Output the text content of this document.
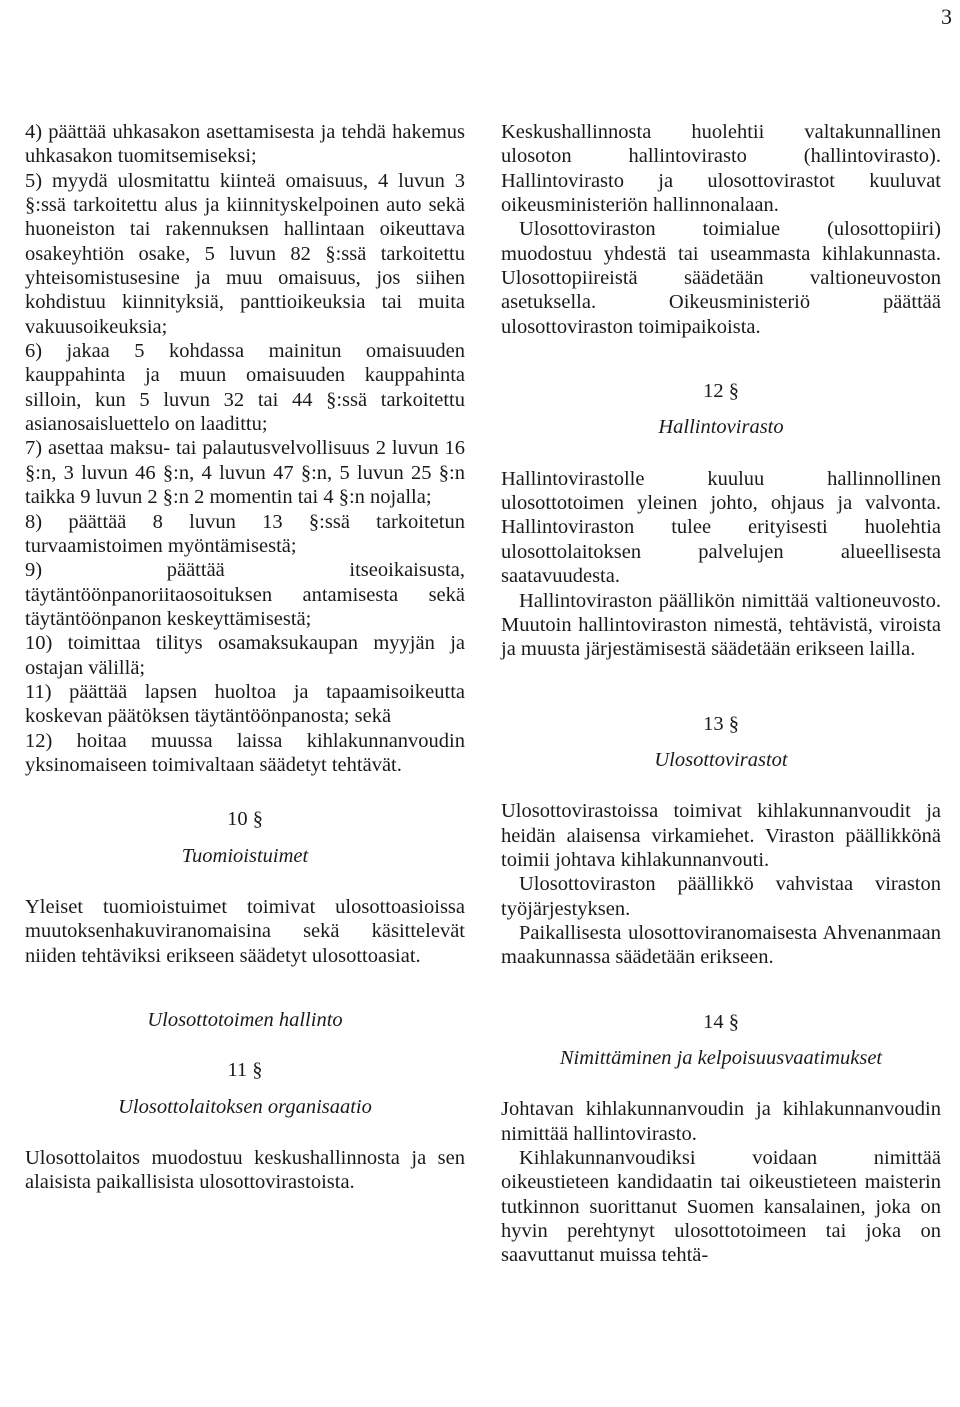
3

4) päättää uhkasakon asettamisesta ja tehdä hakemus uhkasakon tuomitsemiseksi;

5) myydä ulosmitattu kiinteä omaisuus, 4 luvun 3 §:ssä tarkoitettu alus ja kiinnityskelpoinen auto sekä huoneiston tai rakennuksen hallintaan oikeuttava osakeyhtiön osake, 5 luvun 82 §:ssä tarkoitettu yhteisomistusesine ja muu omaisuus, jos siihen kohdistuu kiinnityksiä, panttioikeuksia tai muita vakuusoikeuksia;

6) jakaa 5 kohdassa mainitun omaisuuden kauppahinta ja muun omaisuuden kauppahinta silloin, kun 5 luvun 32 tai 44 §:ssä tarkoitettu asianosaisluettelo on laadittu;

7) asettaa maksu- tai palautusvelvollisuus 2 luvun 16 §:n, 3 luvun 46 §:n, 4 luvun 47 §:n, 5 luvun 25 §:n taikka 9 luvun 2 §:n 2 momentin tai 4 §:n nojalla;

8) päättää 8 luvun 13 §:ssä tarkoitetun turvaamistoimen myöntämisestä;

9) päättää itseoikaisusta, täytäntöönpanoriitaosoituksen antamisesta sekä täytäntöönpanon keskeyttämisestä;

10) toimittaa tilitys osamaksukaupan myyjän ja ostajan välillä;

11) päättää lapsen huoltoa ja tapaamisoikeutta koskevan päätöksen täytäntöönpanosta; sekä

12) hoitaa muussa laissa kihlakunnanvoudin yksinomaiseen toimivaltaan säädetyt tehtävät.

10 §
Tuomioistuimet

Yleiset tuomioistuimet toimivat ulosottoasioissa muutoksenhakuviranomaisina sekä käsittelevät niiden tehtäviksi erikseen säädetyt ulosottoasiat.

Ulosottotoimen hallinto
11 §
Ulosottolaitoksen organisaatio

Ulosottolaitos muodostuu keskushallinnosta ja sen alaisista paikallisista ulosottovirastoista.

Keskushallinnosta huolehtii valtakunnallinen ulosoton hallintovirasto (hallintovirasto). Hallintovirasto ja ulosottovirastot kuuluvat oikeusministeriön hallinnonalaan.

Ulosottoviraston toimialue (ulosottopiiri) muodostuu yhdestä tai useammasta kihlakunnasta. Ulosottopiireistä säädetään valtioneuvoston asetuksella. Oikeusministeriö päättää ulosottoviraston toimipaikoista.

12 §
Hallintovirasto

Hallintovirastolle kuuluu hallinnollinen ulosottotoimen yleinen johto, ohjaus ja valvonta. Hallintoviraston tulee erityisesti huolehtia ulosottolaitoksen palvelujen alueellisesta saatavuudesta.

Hallintoviraston päällikön nimittää valtioneuvosto. Muutoin hallintoviraston nimestä, tehtävistä, viroista ja muusta järjestämisestä säädetään erikseen lailla.

13 §
Ulosottovirastot

Ulosottovirastoissa toimivat kihlakunnanvoudit ja heidän alaisensa virkamiehet. Viraston päällikkönä toimii johtava kihlakunnanvouti.

Ulosottoviraston päällikkö vahvistaa viraston työjärjestyksen.

Paikallisesta ulosottoviranomaisesta Ahvenanmaan maakunnassa säädetään erikseen.

14 §
Nimittäminen ja kelpoisuusvaatimukset

Johtavan kihlakunnanvoudin ja kihlakunnanvoudin nimittää hallintovirasto.

Kihlakunnanvoudiksi voidaan nimittää oikeustieteen kandidaatin tai oikeustieteen maisterin tutkinnon suorittanut Suomen kansalainen, joka on hyvin perehtynyt ulosottotoimeen tai joka on saavuttanut muissa tehtä-
